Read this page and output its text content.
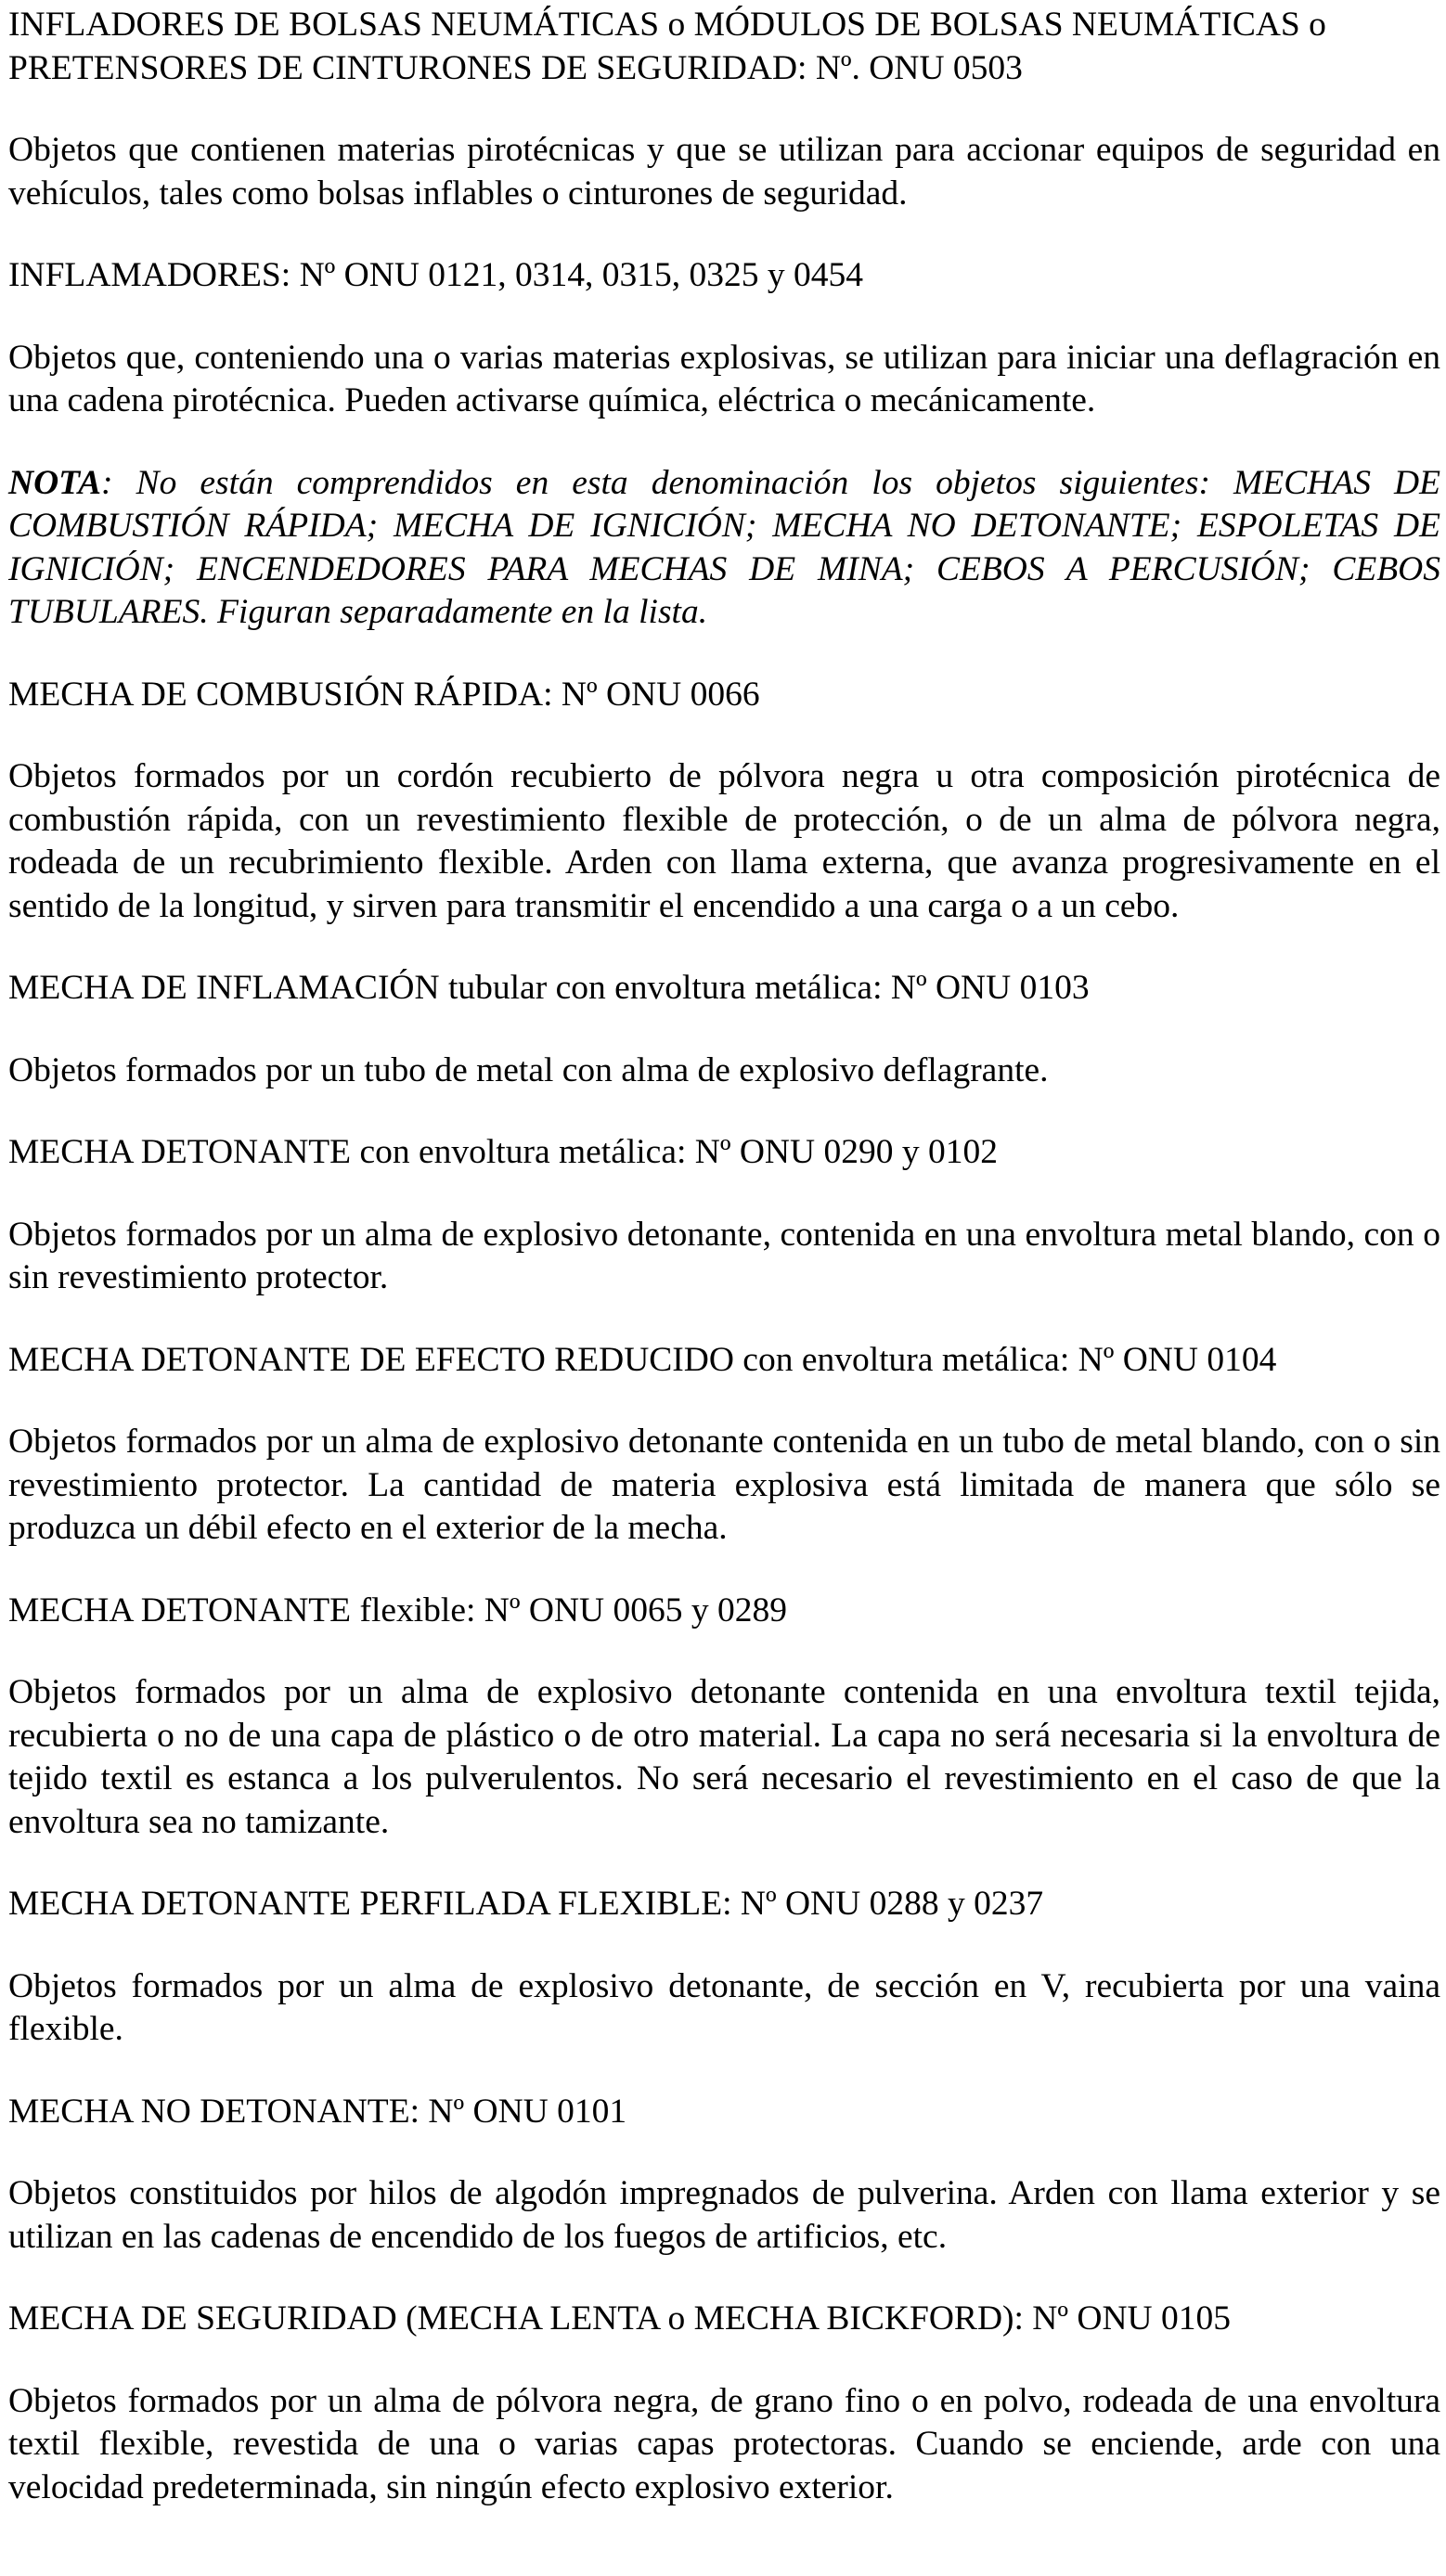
INFLADORES DE BOLSAS NEUMÁTICAS o MÓDULOS DE BOLSAS NEUMÁTICAS o PRETENSORES DE CINTURONES DE SEGURIDAD: Nº. ONU 0503

Objetos que contienen materias pirotécnicas y que se utilizan para accionar equipos de seguridad en vehículos, tales como bolsas inflables o cinturones de seguridad.

INFLAMADORES: Nº ONU 0121, 0314, 0315, 0325 y 0454

Objetos que, conteniendo una o varias materias explosivas, se utilizan para iniciar una deflagración en una cadena pirotécnica. Pueden activarse química, eléctrica o mecánicamente.

NOTA: No están comprendidos en esta denominación los objetos siguientes: MECHAS DE COMBUSTIÓN RÁPIDA; MECHA DE IGNICIÓN; MECHA NO DETONANTE; ESPOLETAS DE IGNICIÓN; ENCENDEDORES PARA MECHAS DE MINA; CEBOS A PERCUSIÓN; CEBOS TUBULARES. Figuran separadamente en la lista.

MECHA DE COMBUSIÓN RÁPIDA: Nº ONU 0066

Objetos formados por un cordón recubierto de pólvora negra u otra composición pirotécnica de combustión rápida, con un revestimiento flexible de protección, o de un alma de pólvora negra, rodeada de un recubrimiento flexible. Arden con llama externa, que avanza progresivamente en el sentido de la longitud, y sirven para transmitir el encendido a una carga o a un cebo.

MECHA DE INFLAMACIÓN tubular con envoltura metálica: Nº ONU 0103

Objetos formados por un tubo de metal con alma de explosivo deflagrante.

MECHA DETONANTE con envoltura metálica: Nº ONU 0290 y 0102

Objetos formados por un alma de explosivo detonante, contenida en una envoltura metal blando, con o sin revestimiento protector.

MECHA DETONANTE DE EFECTO REDUCIDO con envoltura metálica: Nº ONU 0104

Objetos formados por un alma de explosivo detonante contenida en un tubo de metal blando, con o sin revestimiento protector. La cantidad de materia explosiva está limitada de manera que sólo se produzca un débil efecto en el exterior de la mecha.

MECHA DETONANTE flexible: Nº ONU 0065 y 0289

Objetos formados por un alma de explosivo detonante contenida en una envoltura textil tejida, recubierta o no de una capa de plástico o de otro material. La capa no será necesaria si la envoltura de tejido textil es estanca a los pulverulentos. No será necesario el revestimiento en el caso de que la envoltura sea no tamizante.

MECHA DETONANTE PERFILADA FLEXIBLE: Nº ONU 0288 y 0237

Objetos formados por un alma de explosivo detonante, de sección en V, recubierta por una vaina flexible.

MECHA NO DETONANTE: Nº ONU 0101

Objetos constituidos por hilos de algodón impregnados de pulverina. Arden con llama exterior y se utilizan en las cadenas de encendido de los fuegos de artificios, etc.

MECHA DE SEGURIDAD (MECHA LENTA o MECHA BICKFORD): Nº ONU 0105

Objetos formados por un alma de pólvora negra, de grano fino o en polvo, rodeada de una envoltura textil flexible, revestida de una o varias capas protectoras. Cuando se enciende, arde con una velocidad predeterminada, sin ningún efecto explosivo exterior.
